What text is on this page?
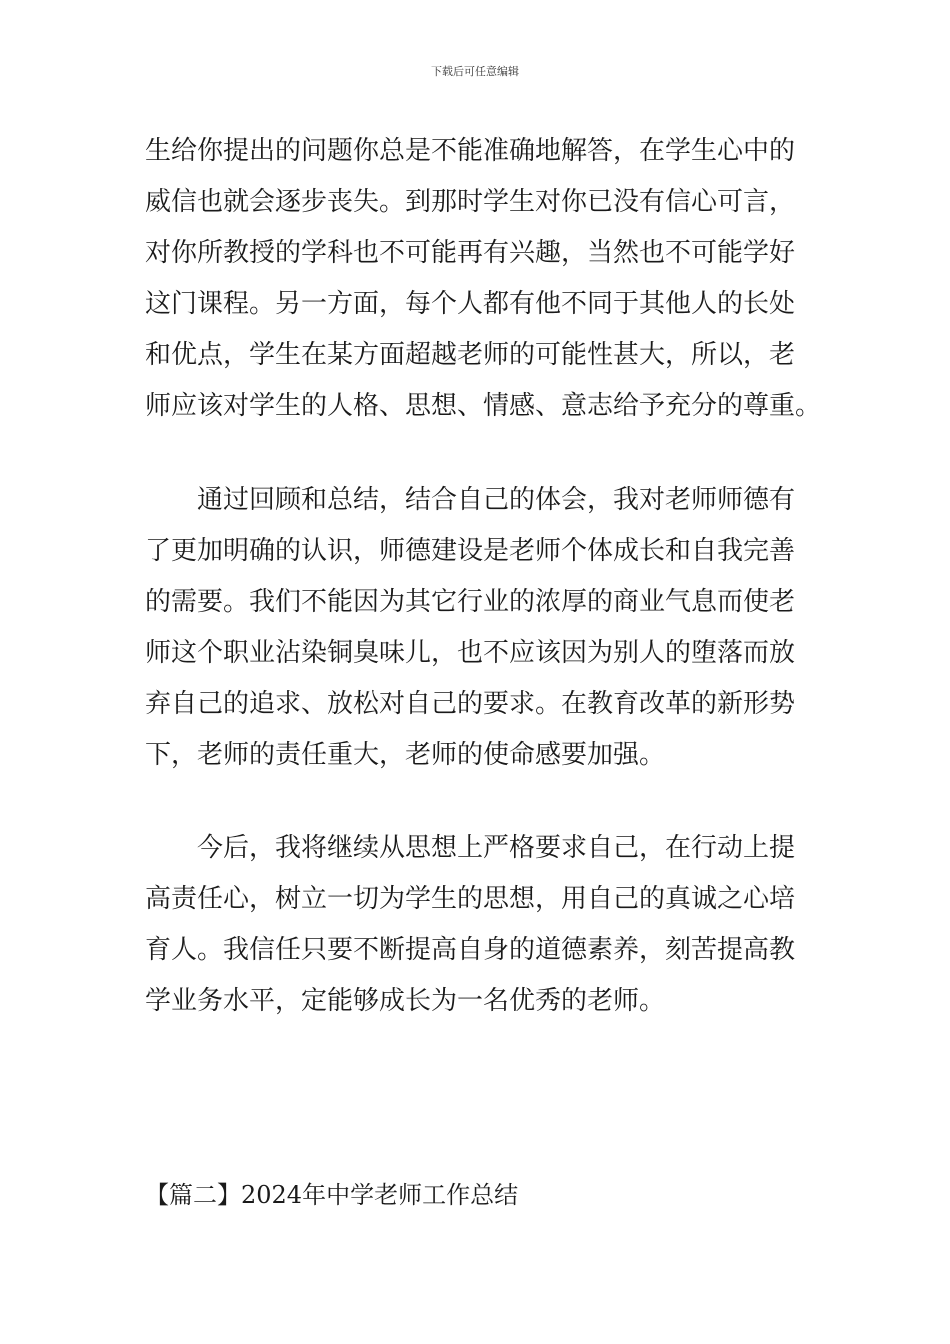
下载后可任意编辑
生给你提出的问题你总是不能准确地解答，在学生心中的
威信也就会逐步丧失。到那时学生对你已没有信心可言，
对你所教授的学科也不可能再有兴趣，当然也不可能学好
这门课程。另一方面，每个人都有他不同于其他人的长处
和优点，学生在某方面超越老师的可能性甚大，所以，老
师应该对学生的人格、思想、情感、意志给予充分的尊重。
通过回顾和总结，结合自己的体会，我对老师师德有
了更加明确的认识，师德建设是老师个体成长和自我完善
的需要。我们不能因为其它行业的浓厚的商业气息而使老
师这个职业沾染铜臭味儿，也不应该因为别人的堕落而放
弃自己的追求、放松对自己的要求。在教育改革的新形势
下，老师的责任重大，老师的使命感要加强。
今后，我将继续从思想上严格要求自己，在行动上提
高责任心，树立一切为学生的思想，用自己的真诚之心培
育人。我信任只要不断提高自身的道德素养，刻苦提高教
学业务水平，定能够成长为一名优秀的老师。
【篇二】2024年中学老师工作总结
